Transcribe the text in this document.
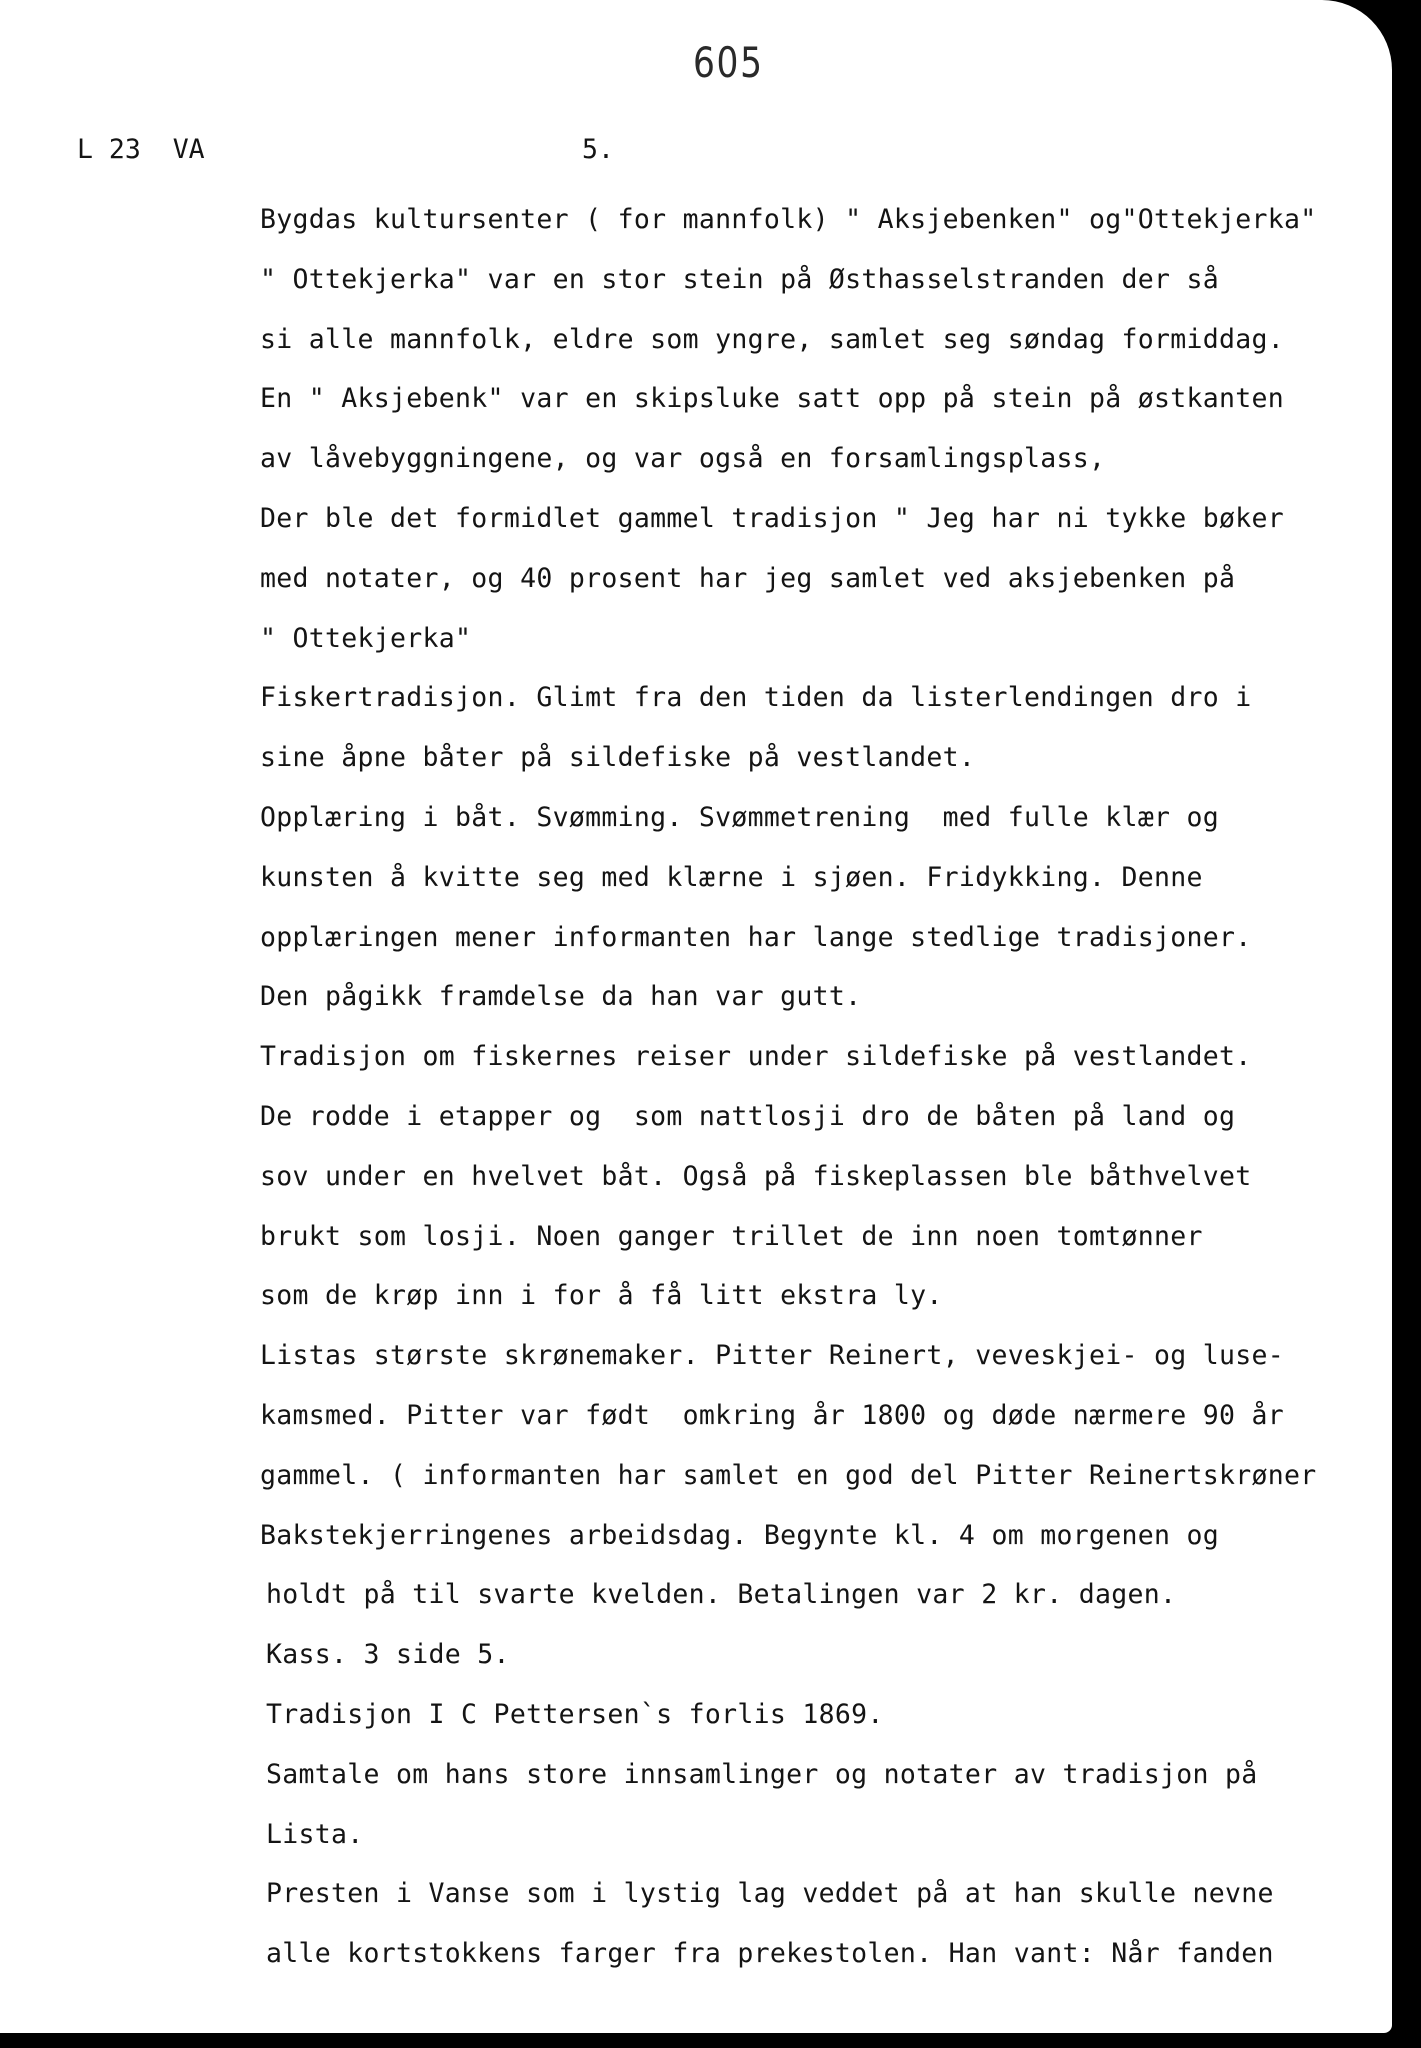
605
L 23  VA	5.
Bygdas kultursenter ( for mannfolk) " Aksjebenken" og"Ottekjerka"
" Ottekjerka" var en stor stein på Østhasselstranden der så
si alle mannfolk, eldre som yngre, samlet seg søndag formiddag.
En " Aksjebenk" var en skipsluke satt opp på stein på østkanten
av låvebyggningene, og var også en forsamlingsplass,
Der ble det formidlet gammel tradisjon " Jeg har ni tykke bøker
med notater, og 40 prosent har jeg samlet ved aksjebenken på
" Ottekjerka"
Fiskertradisjon. Glimt fra den tiden da listerlendingen dro i
sine åpne båter på sildefiske på vestlandet.
Opplæring i båt. Svømming. Svømmetrening  med fulle klær og
kunsten å kvitte seg med klærne i sjøen. Fridykking. Denne
opplæringen mener informanten har lange stedlige tradisjoner.
Den pågikk framdelse da han var gutt.
Tradisjon om fiskernes reiser under sildefiske på vestlandet.
De rodde i etapper og  som nattlosji dro de båten på land og
sov under en hvelvet båt. Også på fiskeplassen ble båthvelvet
brukt som losji. Noen ganger trillet de inn noen tomtønner
som de krøp inn i for å få litt ekstra ly.
Listas største skrønemaker. Pitter Reinert, veveskjei- og luse-
kamsmed. Pitter var født  omkring år 1800 og døde nærmere 90 år
gammel. ( informanten har samlet en god del Pitter Reinertskrøner
Bakstekjerringenes arbeidsdag. Begynte kl. 4 om morgenen og
holdt på til svarte kvelden. Betalingen var 2 kr. dagen.
Kass. 3 side 5.
Tradisjon I C Pettersen`s forlis 1869.
Samtale om hans store innsamlinger og notater av tradisjon på
Lista.
Presten i Vanse som i lystig lag veddet på at han skulle nevne
alle kortstokkens farger fra prekestolen. Han vant: Når fanden
